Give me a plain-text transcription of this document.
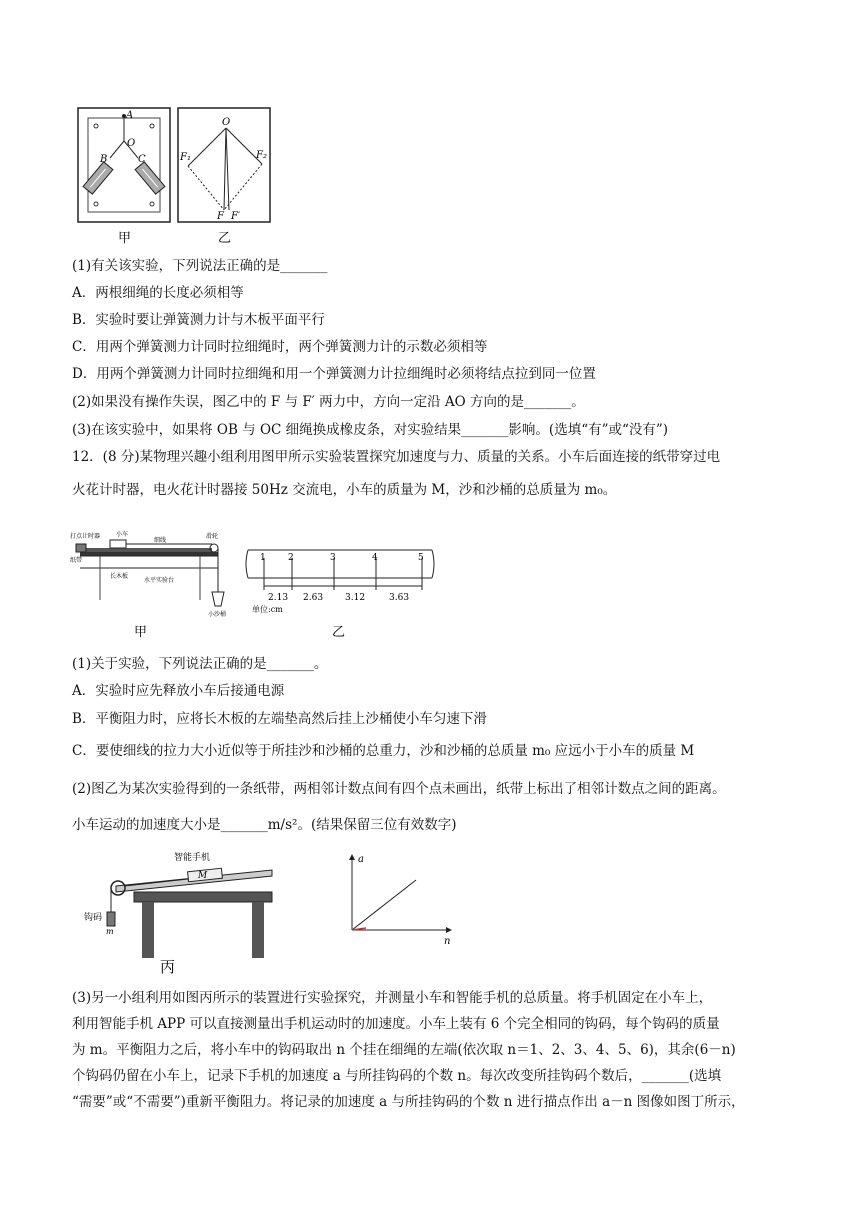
A
O
B	C
O
F₁	F₂
F F′
甲	乙
(1)有关该实验，下列说法正确的是_______
A．两根细绳的长度必须相等
B．实验时要让弹簧测力计与木板平面平行
C．用两个弹簧测力计同时拉细绳时，两个弹簧测力计的示数必须相等
D．用两个弹簧测力计同时拉细绳和用一个弹簧测力计拉细绳时必须将结点拉到同一位置
(2)如果没有操作失误，图乙中的 F 与 F′ 两力中，方向一定沿 AO 方向的是_______。
(3)在该实验中，如果将 OB 与 OC 细绳换成橡皮条，对实验结果_______影响。(选填“有”或“没有”)
12．(8 分)某物理兴趣小组利用图甲所示实验装置探究加速度与力、质量的关系。小车后面连接的纸带穿过电
火花计时器，电火花计时器接 50Hz 交流电，小车的质量为 M，沙和沙桶的总质量为 m₀。
打点计时器	小车
细线
滑轮
纸带
长木板
水平实验台
小沙桶
甲
1 2	3	4	5
2.13 2.63 3.12	3.63
单位:cm
乙
(1)关于实验，下列说法正确的是_______。
A．实验时应先释放小车后接通电源
B．平衡阻力时，应将长木板的左端垫高然后挂上沙桶使小车匀速下滑
C．要使细线的拉力大小近似等于所挂沙和沙桶的总重力，沙和沙桶的总质量 m₀ 应远小于小车的质量 M
(2)图乙为某次实验得到的一条纸带，两相邻计数点间有四个点未画出，纸带上标出了相邻计数点之间的距离。
小车运动的加速度大小是_______m/s²。(结果保留三位有效数字)
M
智能手机
钩码
m
丙
a
n
(3)另一小组利用如图丙所示的装置进行实验探究，并测量小车和智能手机的总质量。将手机固定在小车上，
利用智能手机 APP 可以直接测量出手机运动时的加速度。小车上装有 6 个完全相同的钩码，每个钩码的质量
为 m。平衡阻力之后，将小车中的钩码取出 n 个挂在细绳的左端(依次取 n＝1、2、3、4、5、6)，其余(6－n)
个钩码仍留在小车上，记录下手机的加速度 a 与所挂钩码的个数 n。每次改变所挂钩码个数后，_______(选填
“需要”或“不需要”)重新平衡阻力。将记录的加速度 a 与所挂钩码的个数 n 进行描点作出 a－n 图像如图丁所示，
